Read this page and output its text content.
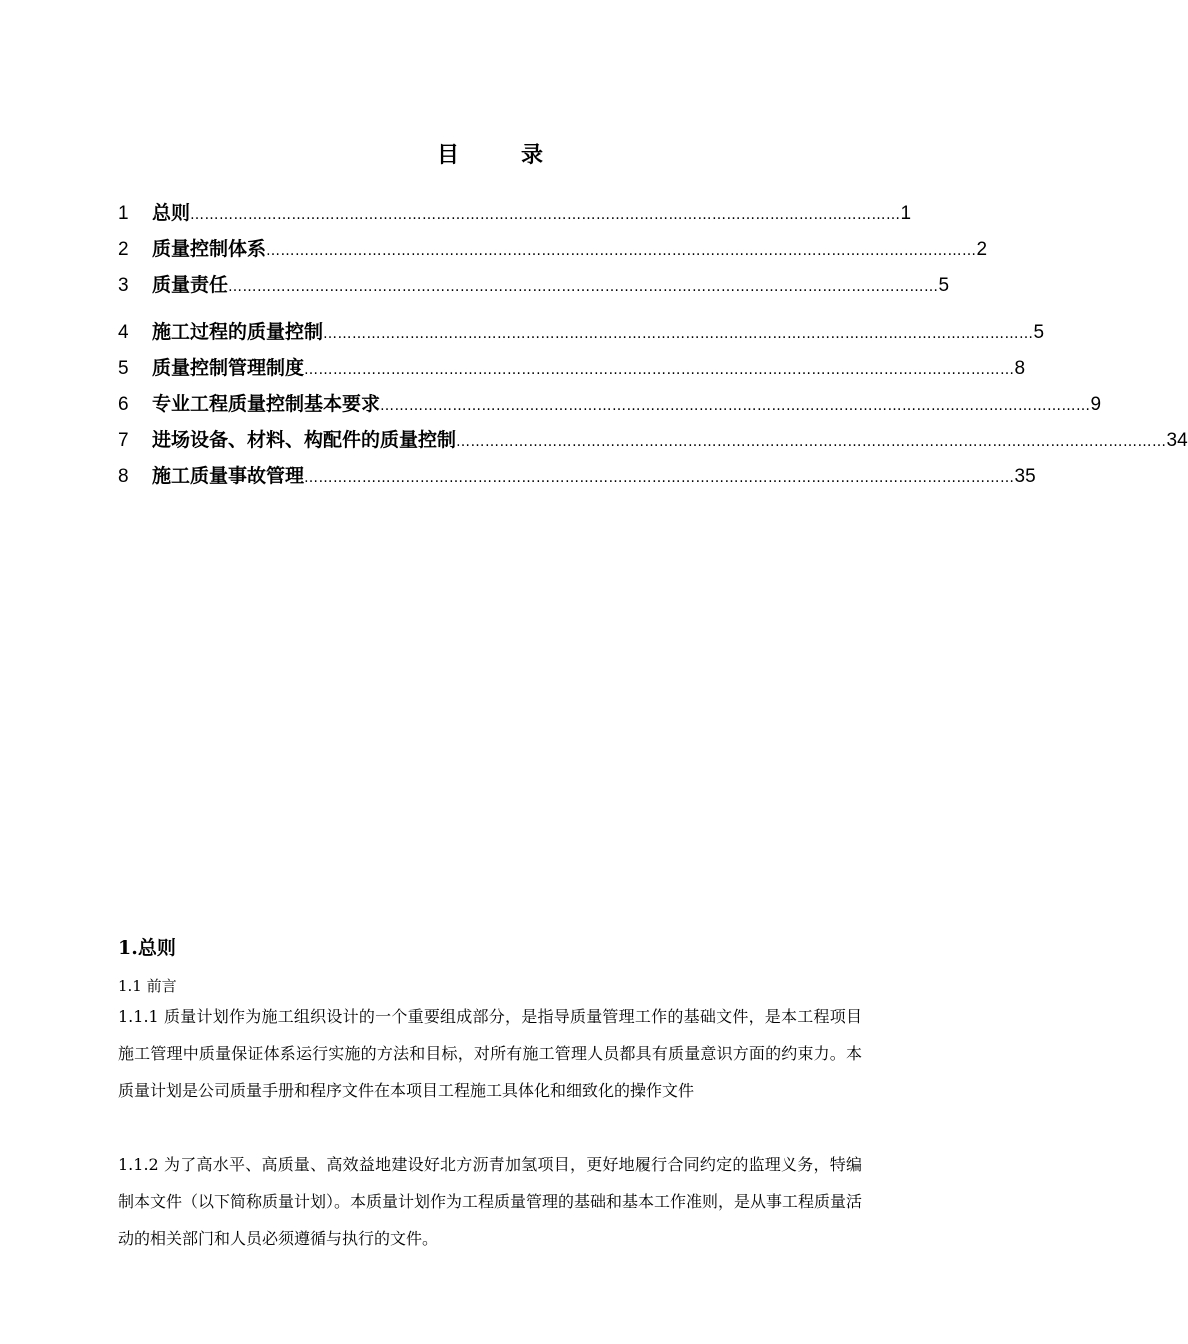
目	录
1	总则 ………………………………………………………………………………………………………………………………… 1
2	质量控制体系 ………………………………………………………………………………………………………………………………… 2
3	质量责任 ………………………………………………………………………………………………………………………………… 5
4	施工过程的质量控制 ………………………………………………………………………………………………………………………………… 5
5	质量控制管理制度 ………………………………………………………………………………………………………………………………… 8
6	专业工程质量控制基本要求 ………………………………………………………………………………………………………………………………… 9
7	进场设备、材料、构配件的质量控制 ………………………………………………………………………………………………………………………………… 34
8	施工质量事故管理 ………………………………………………………………………………………………………………………………… 35
1.总则
1.1 前言

1.1.1 质量计划作为施工组织设计的一个重要组成部分，是指导质量管理工作的基础文件，是本工程项目施工管理中质量保证体系运行实施的方法和目标，对所有施工管理人员都具有质量意识方面的约束力。本质量计划是公司质量手册和程序文件在本项目工程施工具体化和细致化的操作文件

1.1.2 为了高水平、高质量、高效益地建设好北方沥青加氢项目，更好地履行合同约定的监理义务，特编制本文件（以下简称质量计划）。本质量计划作为工程质量管理的基础和基本工作准则，是从事工程质量活动的相关部门和人员必须遵循与执行的文件。
